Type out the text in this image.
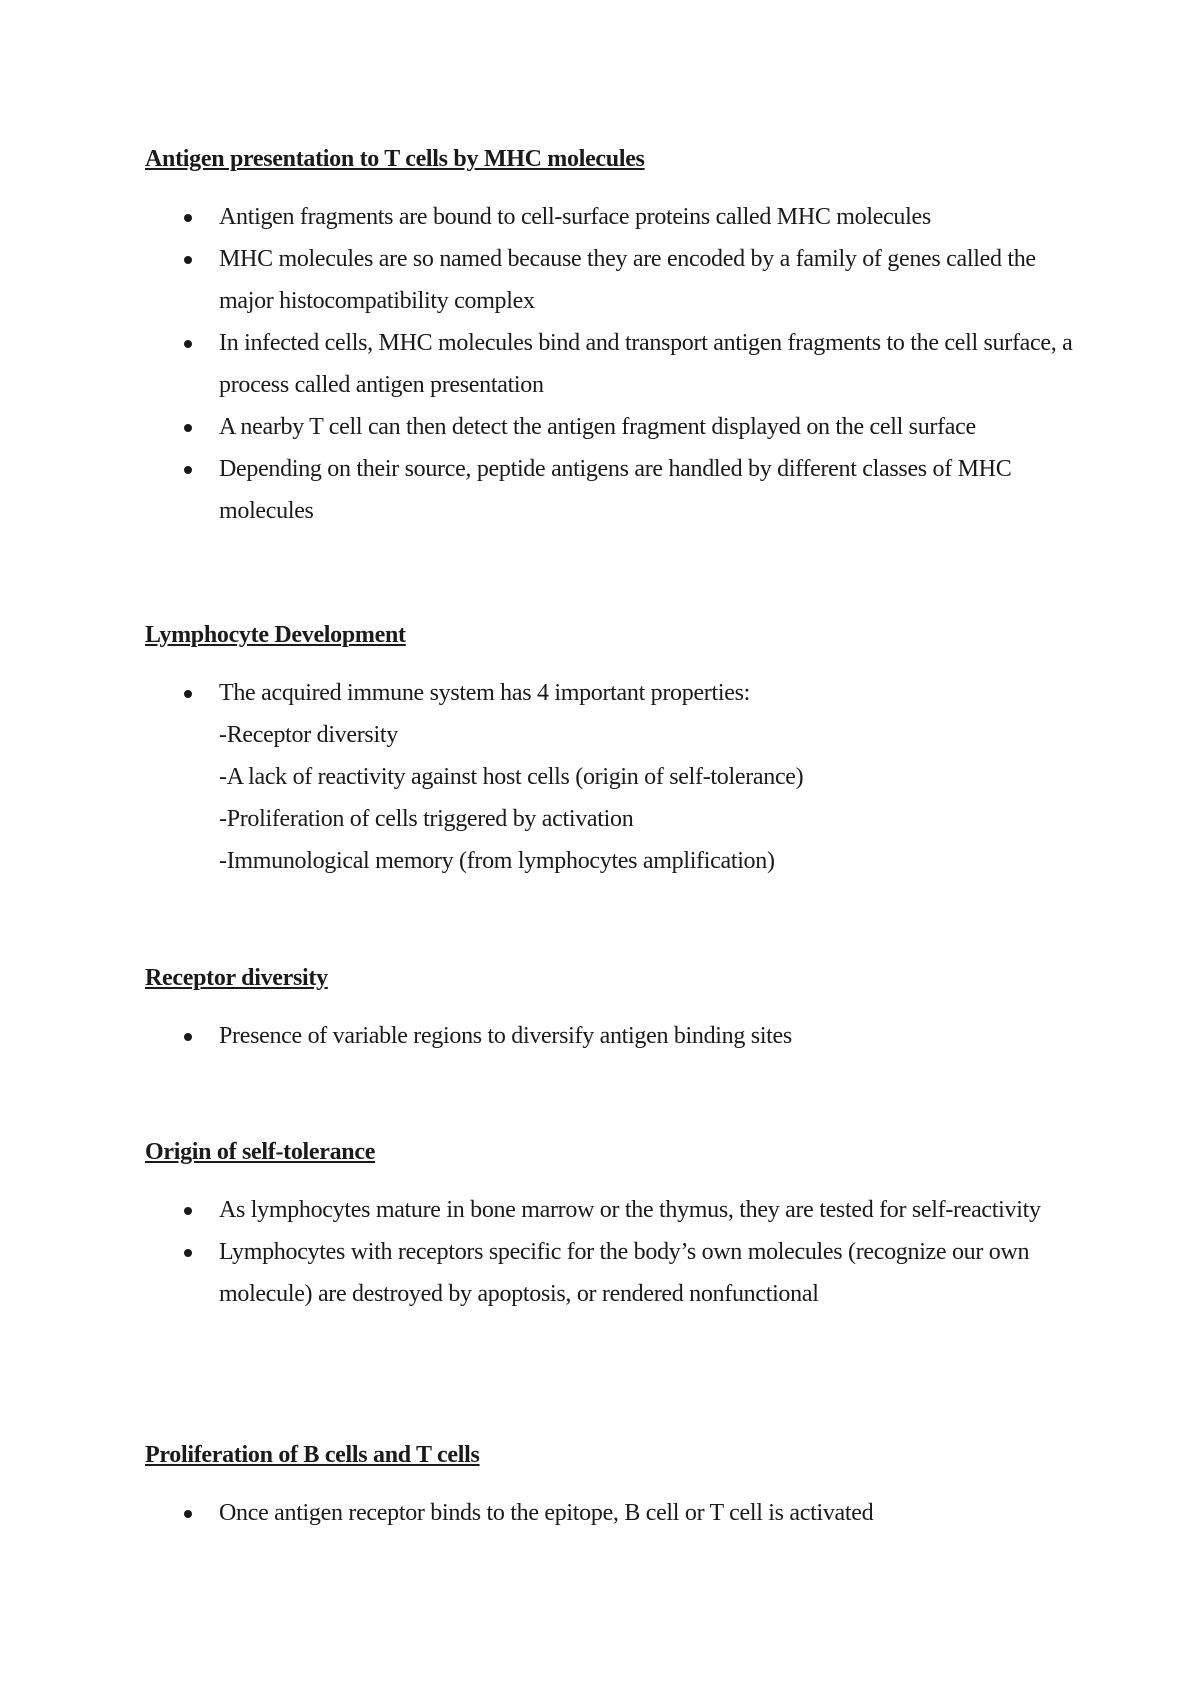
Antigen presentation to T cells by MHC molecules
Antigen fragments are bound to cell-surface proteins called MHC molecules
MHC molecules are so named because they are encoded by a family of genes called the major histocompatibility complex
In infected cells, MHC molecules bind and transport antigen fragments to the cell surface, a process called antigen presentation
A nearby T cell can then detect the antigen fragment displayed on the cell surface
Depending on their source, peptide antigens are handled by different classes of MHC molecules
Lymphocyte Development
The acquired immune system has 4 important properties:
-Receptor diversity
-A lack of reactivity against host cells (origin of self-tolerance)
-Proliferation of cells triggered by activation
-Immunological memory (from lymphocytes amplification)
Receptor diversity
Presence of variable regions to diversify antigen binding sites
Origin of self-tolerance
As lymphocytes mature in bone marrow or the thymus, they are tested for self-reactivity
Lymphocytes with receptors specific for the body’s own molecules (recognize our own molecule) are destroyed by apoptosis, or rendered nonfunctional
Proliferation of B cells and T cells
Once antigen receptor binds to the epitope, B cell or T cell is activated
